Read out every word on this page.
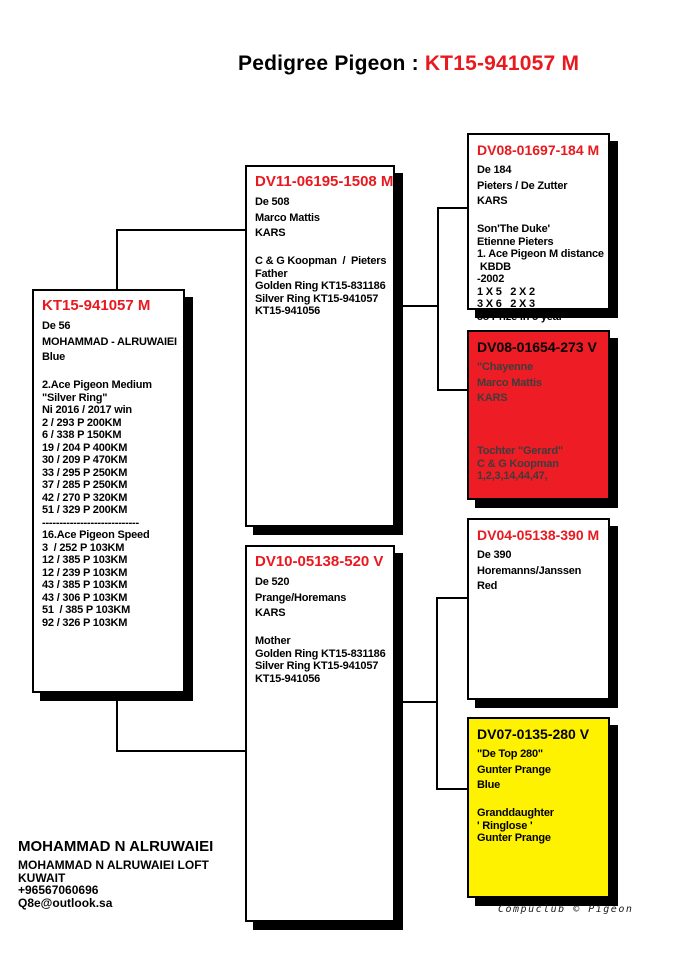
Pedigree Pigeon : KT15-941057 M
KT15-941057 M
De 56
MOHAMMAD - ALRUWAIEI
Blue

2.Ace Pigeon Medium
"Silver Ring"
Ni 2016 / 2017 win
2 / 293 P 200KM
6 / 338 P 150KM
19 / 204 P 400KM
30 / 209 P 470KM
33 / 295 P 250KM
37 / 285 P 250KM
42 / 270 P 320KM
51 / 329 P 200KM
----------------------------
16.Ace Pigeon Speed
3  / 252 P 103KM
12 / 385 P 103KM
12 / 239 P 103KM
43 / 385 P 103KM
43 / 306 P 103KM
51  / 385 P 103KM
92 / 326 P 103KM
DV11-06195-1508 M
De 508
Marco Mattis
KARS

C & G Koopman  /  Pieters
Father
Golden Ring KT15-831186
Silver Ring KT15-941057
KT15-941056
DV10-05138-520 V
De 520
Prange/Horemans
KARS

Mother
Golden Ring KT15-831186
Silver Ring KT15-941057
KT15-941056
DV08-01697-184 M
De 184
Pieters / De Zutter
KARS

Son'The Duke'
Etienne Pieters
1. Ace Pigeon M distance
KBDB
-2002
1 X 5   2 X 2
3 X 6   2 X 3
58 Prize in 5 year
DV08-01654-273 V
"Chayenne
Marco Mattis
KARS

Tochter "Gerard"
C & G Koopman
1,2,3,14,44,47,
DV04-05138-390 M
De 390
Horemanns/Janssen
Red
DV07-0135-280 V
"De Top 280"
Gunter Prange
Blue

Granddaughter
' Ringlose '
Gunter Prange
MOHAMMAD N ALRUWAIEI
MOHAMMAD N ALRUWAIEI LOFT
KUWAIT
+96567060696
Q8e@outlook.sa	Compuclub © Pigeon
